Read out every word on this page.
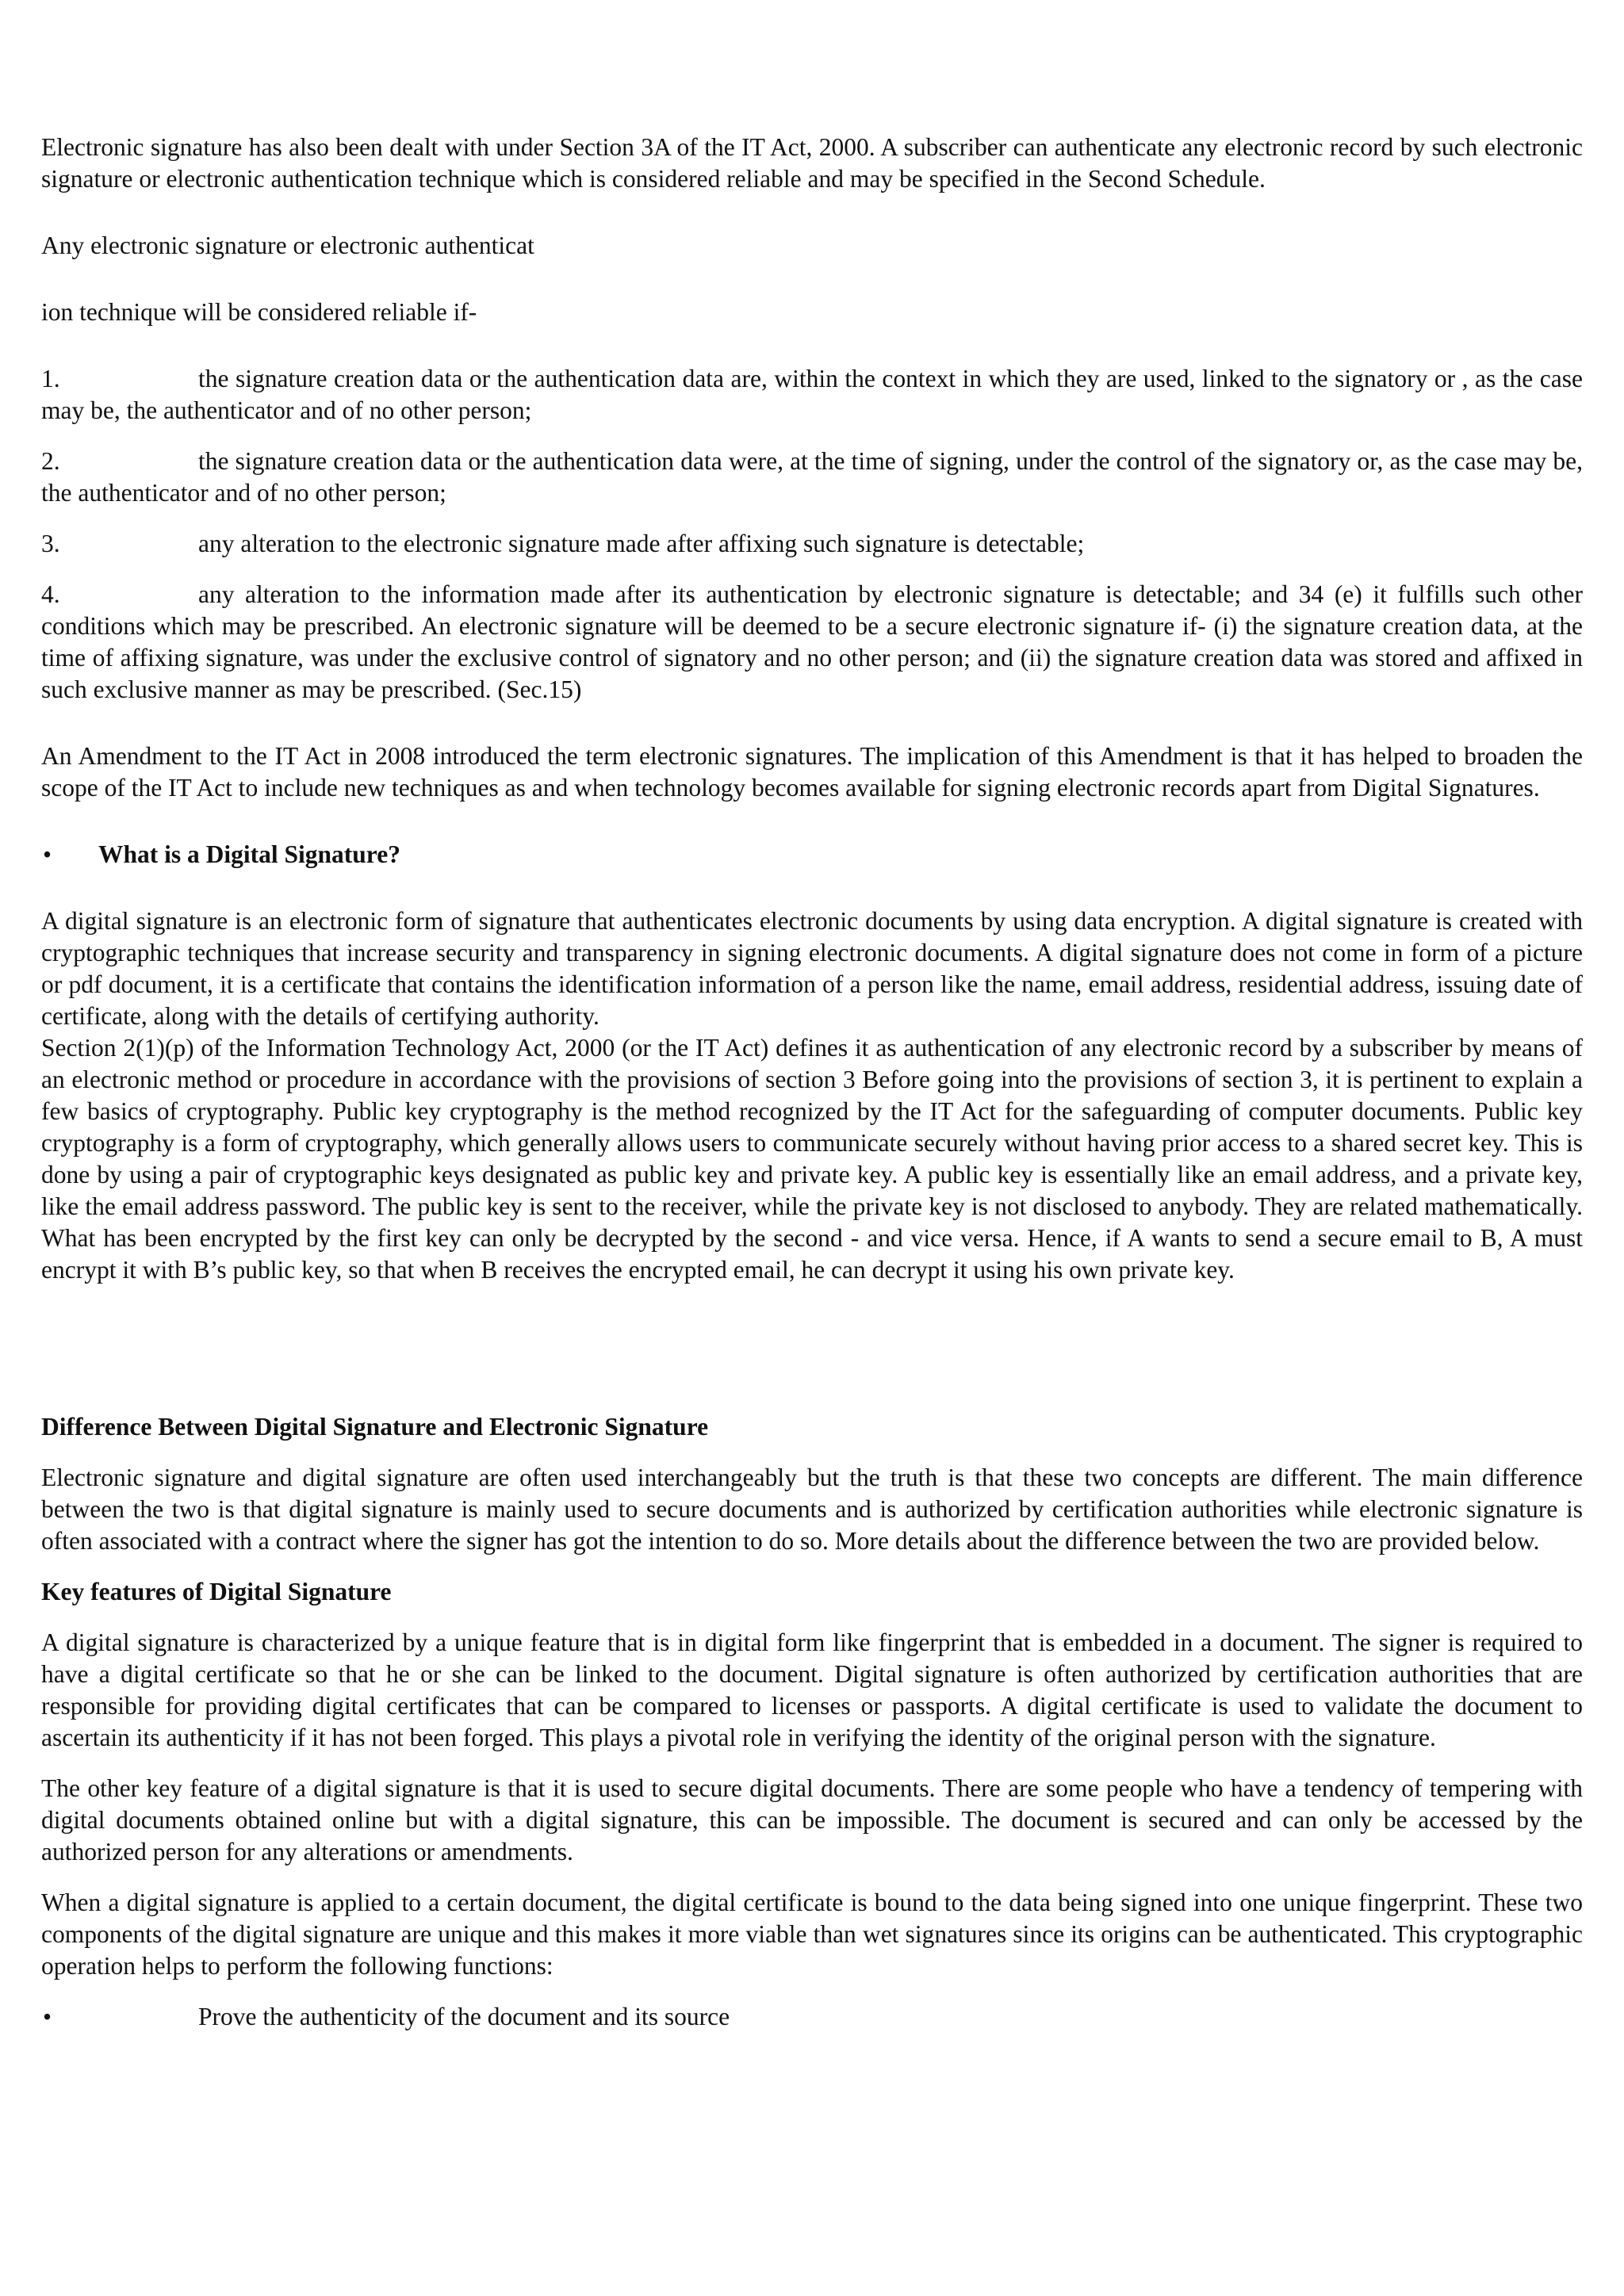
Electronic signature has also been dealt with under Section 3A of the IT Act, 2000. A subscriber can authenticate any electronic record by such electronic signature or electronic authentication technique which is considered reliable and may be specified in the Second Schedule.

Any electronic signature or electronic authenticat

ion technique will be considered reliable if-

1.	the signature creation data or the authentication data are, within the context in which they are used, linked to the signatory or , as the case may be, the authenticator and of no other person;
2.	the signature creation data or the authentication data were, at the time of signing, under the control of the signatory or, as the case may be, the authenticator and of no other person;
3.	any alteration to the electronic signature made after affixing such signature is detectable;
4.	any alteration to the information made after its authentication by electronic signature is detectable; and 34 (e) it fulfills such other conditions which may be prescribed. An electronic signature will be deemed to be a secure electronic signature if- (i) the signature creation data, at the time of affixing signature, was under the exclusive control of signatory and no other person; and (ii) the signature creation data was stored and affixed in such exclusive manner as may be prescribed. (Sec.15)

An Amendment to the IT Act in 2008 introduced the term electronic signatures. The implication of this Amendment is that it has helped to broaden the scope of the IT Act to include new techniques as and when technology becomes available for signing electronic records apart from Digital Signatures.

• What is a Digital Signature?

A digital signature is an electronic form of signature that authenticates electronic documents by using data encryption. A digital signature is created with cryptographic techniques that increase security and transparency in signing electronic documents. A digital signature does not come in form of a picture or pdf document, it is a certificate that contains the identification information of a person like the name, email address, residential address, issuing date of certificate, along with the details of certifying authority.

Section 2(1)(p) of the Information Technology Act, 2000 (or the IT Act) defines it as authentication of any electronic record by a subscriber by means of an electronic method or procedure in accordance with the provisions of section 3 Before going into the provisions of section 3, it is pertinent to explain a few basics of cryptography. Public key cryptography is the method recognized by the IT Act for the safeguarding of computer documents. Public key cryptography is a form of cryptography, which generally allows users to communicate securely without having prior access to a shared secret key. This is done by using a pair of cryptographic keys designated as public key and private key. A public key is essentially like an email address, and a private key, like the email address password. The public key is sent to the receiver, while the private key is not disclosed to anybody. They are related mathematically. What has been encrypted by the first key can only be decrypted by the second - and vice versa. Hence, if A wants to send a secure email to B, A must encrypt it with B’s public key, so that when B receives the encrypted email, he can decrypt it using his own private key.

Difference Between Digital Signature and Electronic Signature

Electronic signature and digital signature are often used interchangeably but the truth is that these two concepts are different. The main difference between the two is that digital signature is mainly used to secure documents and is authorized by certification authorities while electronic signature is often associated with a contract where the signer has got the intention to do so. More details about the difference between the two are provided below.

Key features of Digital Signature

A digital signature is characterized by a unique feature that is in digital form like fingerprint that is embedded in a document. The signer is required to have a digital certificate so that he or she can be linked to the document. Digital signature is often authorized by certification authorities that are responsible for providing digital certificates that can be compared to licenses or passports. A digital certificate is used to validate the document to ascertain its authenticity if it has not been forged. This plays a pivotal role in verifying the identity of the original person with the signature.

The other key feature of a digital signature is that it is used to secure digital documents. There are some people who have a tendency of tempering with digital documents obtained online but with a digital signature, this can be impossible. The document is secured and can only be accessed by the authorized person for any alterations or amendments.

When a digital signature is applied to a certain document, the digital certificate is bound to the data being signed into one unique fingerprint. These two components of the digital signature are unique and this makes it more viable than wet signatures since its origins can be authenticated. This cryptographic operation helps to perform the following functions:

•	Prove the authenticity of the document and its source
